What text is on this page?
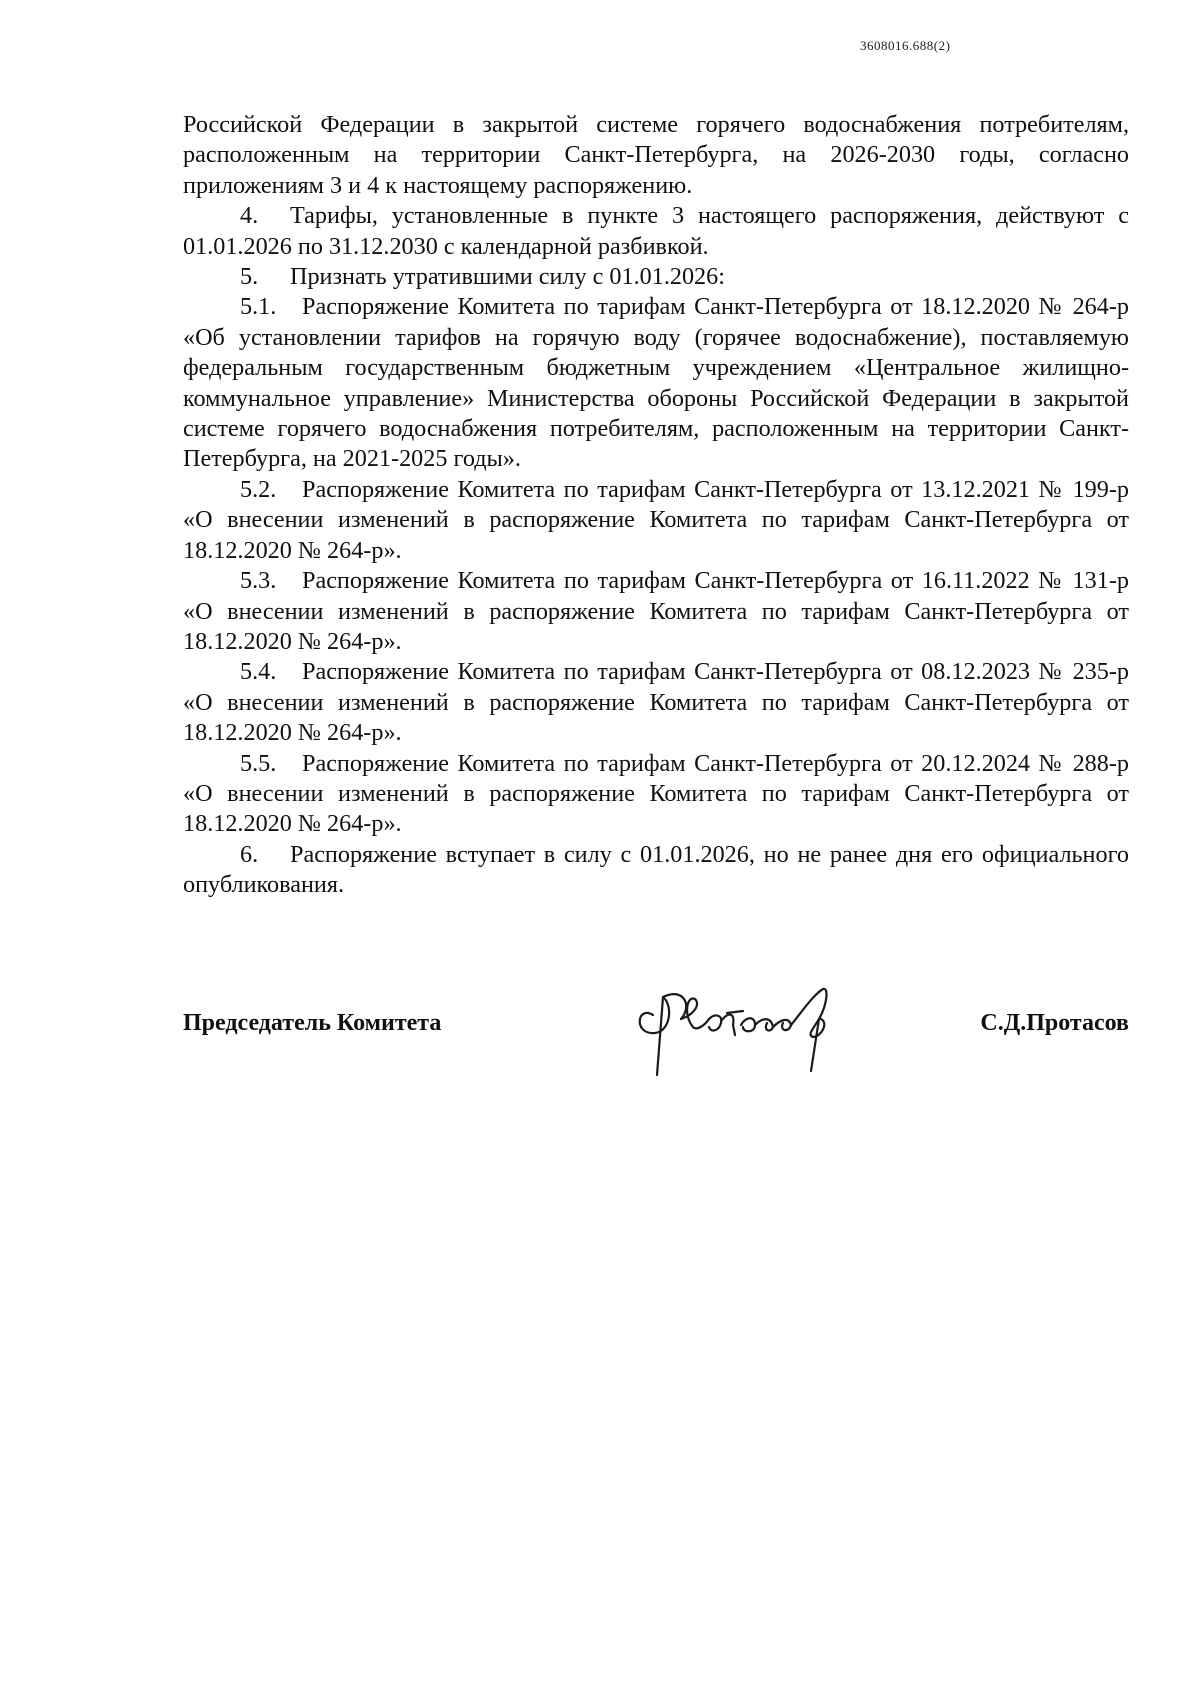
3608016.688(2)

Российской Федерации в закрытой системе горячего водоснабжения потребителям, расположенным на территории Санкт-Петербурга, на 2026-2030 годы, согласно приложениям 3 и 4 к настоящему распоряжению.

4. Тарифы, установленные в пункте 3 настоящего распоряжения, действуют с 01.01.2026 по 31.12.2030 с календарной разбивкой.

5. Признать утратившими силу с 01.01.2026:

5.1. Распоряжение Комитета по тарифам Санкт-Петербурга от 18.12.2020 № 264-р «Об установлении тарифов на горячую воду (горячее водоснабжение), поставляемую федеральным государственным бюджетным учреждением «Центральное жилищно-коммунальное управление» Министерства обороны Российской Федерации в закрытой системе горячего водоснабжения потребителям, расположенным на территории Санкт-Петербурга, на 2021-2025 годы».

5.2. Распоряжение Комитета по тарифам Санкт-Петербурга от 13.12.2021 № 199-р «О внесении изменений в распоряжение Комитета по тарифам Санкт-Петербурга от 18.12.2020 № 264-р».

5.3. Распоряжение Комитета по тарифам Санкт-Петербурга от 16.11.2022 № 131-р «О внесении изменений в распоряжение Комитета по тарифам Санкт-Петербурга от 18.12.2020 № 264-р».

5.4. Распоряжение Комитета по тарифам Санкт-Петербурга от 08.12.2023 № 235-р «О внесении изменений в распоряжение Комитета по тарифам Санкт-Петербурга от 18.12.2020 № 264-р».

5.5. Распоряжение Комитета по тарифам Санкт-Петербурга от 20.12.2024 № 288-р «О внесении изменений в распоряжение Комитета по тарифам Санкт-Петербурга от 18.12.2020 № 264-р».

6. Распоряжение вступает в силу с 01.01.2026, но не ранее дня его официального опубликования.

Председатель Комитета	С.Д.Протасов
